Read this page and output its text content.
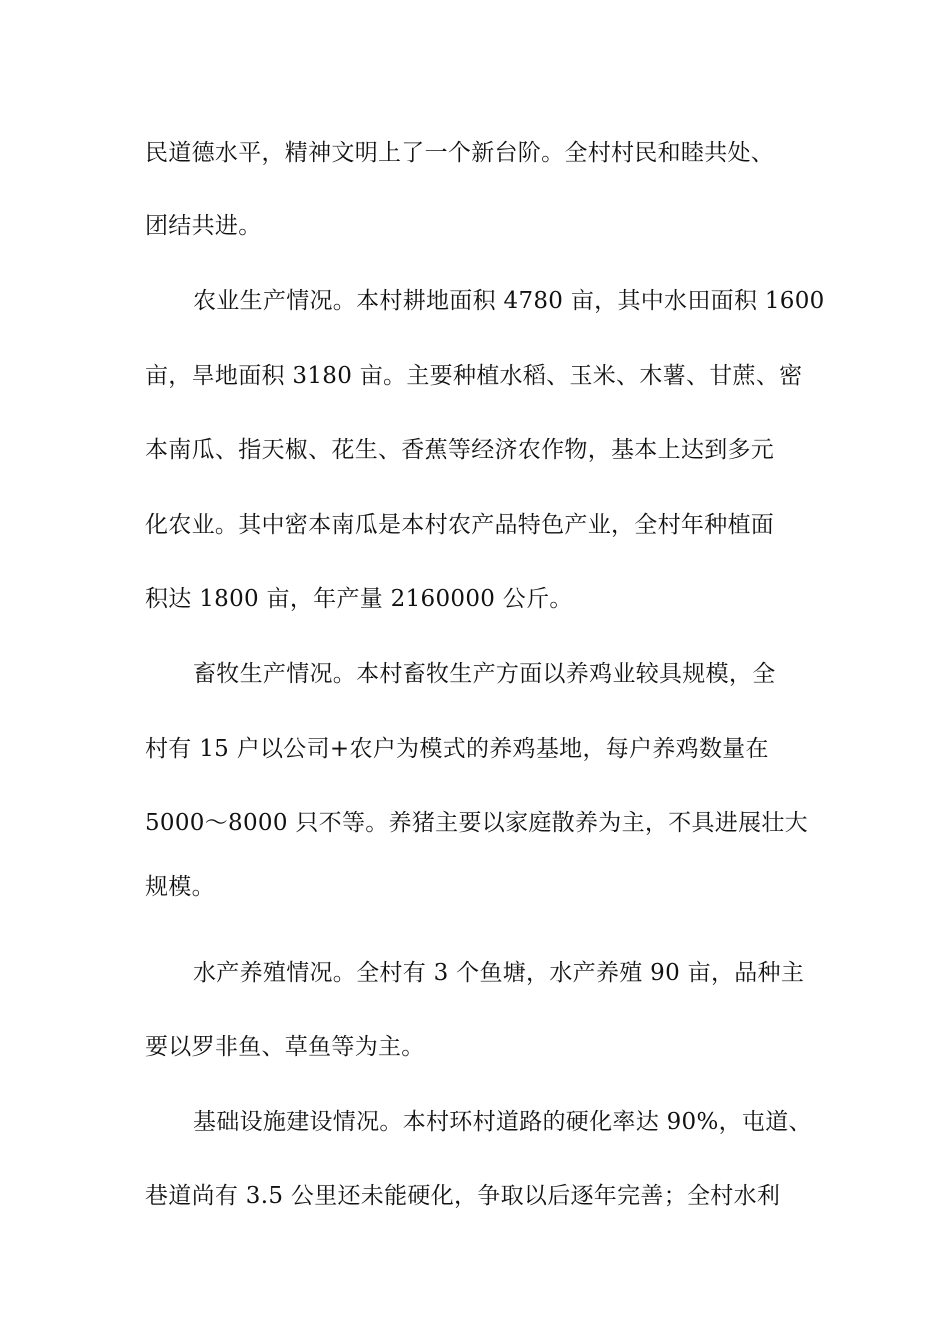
民道德水平，精神文明上了一个新台阶。全村村民和睦共处、
团结共进。
农业生产情况。本村耕地面积 4780 亩，其中水田面积 1600
亩，旱地面积 3180 亩。主要种植水稻、玉米、木薯、甘蔗、密
本南瓜、指天椒、花生、香蕉等经济农作物，基本上达到多元
化农业。其中密本南瓜是本村农产品特色产业，全村年种植面
积达 1800 亩，年产量 2160000 公斤。
畜牧生产情况。本村畜牧生产方面以养鸡业较具规模，全
村有 15 户以公司+农户为模式的养鸡基地，每户养鸡数量在
5000～8000 只不等。养猪主要以家庭散养为主，不具进展壮大
规模。
水产养殖情况。全村有 3 个鱼塘，水产养殖 90 亩，品种主
要以罗非鱼、草鱼等为主。
基础设施建设情况。本村环村道路的硬化率达 90%，屯道、
巷道尚有 3.5 公里还未能硬化，争取以后逐年完善；全村水利
